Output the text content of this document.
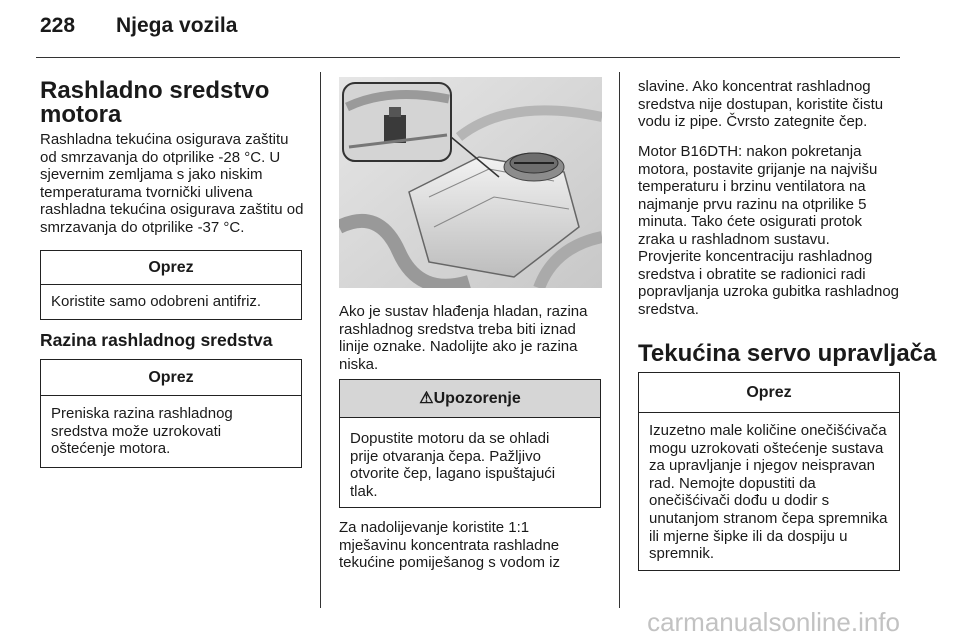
228 Njega vozila
Rashladno sredstvo
motora
Rashladna tekućina osigurava zaštitu od smrzavanja do otprilike -28 °C. U sjevernim zemljama s jako niskim temperaturama tvornički ulivena rashladna tekućina osigurava zaštitu od smrzavanja do otprilike -37 °C.
Oprez
Koristite samo odobreni antifriz.
Razina rashladnog sredstva
Oprez
Preniska razina rashladnog sredstva može uzrokovati oštećenje motora.
Ako je sustav hlađenja hladan, razina rashladnog sredstva treba biti iznad linije oznake. Nadolijte ako je razina niska.
⚠Upozorenje
Dopustite motoru da se ohladi prije otvaranja čepa. Pažljivo otvorite čep, lagano ispuštajući tlak.
Za nadolijevanje koristite 1:1 mješavinu koncentrata rashladne tekućine pomiješanog s vodom iz
slavine. Ako koncentrat rashladnog sredstva nije dostupan, koristite čistu vodu iz pipe. Čvrsto zategnite čep.
Motor B16DTH: nakon pokretanja motora, postavite grijanje na najvišu temperaturu i brzinu ventilatora na najmanje prvu razinu na otprilike 5 minuta. Tako ćete osigurati protok zraka u rashladnom sustavu.
Provjerite koncentraciju rashladnog sredstva i obratite se radionici radi popravljanja uzroka gubitka rashladnog sredstva.
Tekućina servo upravljača
Oprez
Izuzetno male količine onečišćivača mogu uzrokovati oštećenje sustava za upravljanje i njegov neispravan rad. Nemojte dopustiti da onečišćivači dođu u dodir s unutanjom stranom čepa spremnika ili mjerne šipke ili da dospiju u spremnik.
carmanualsonline.info
